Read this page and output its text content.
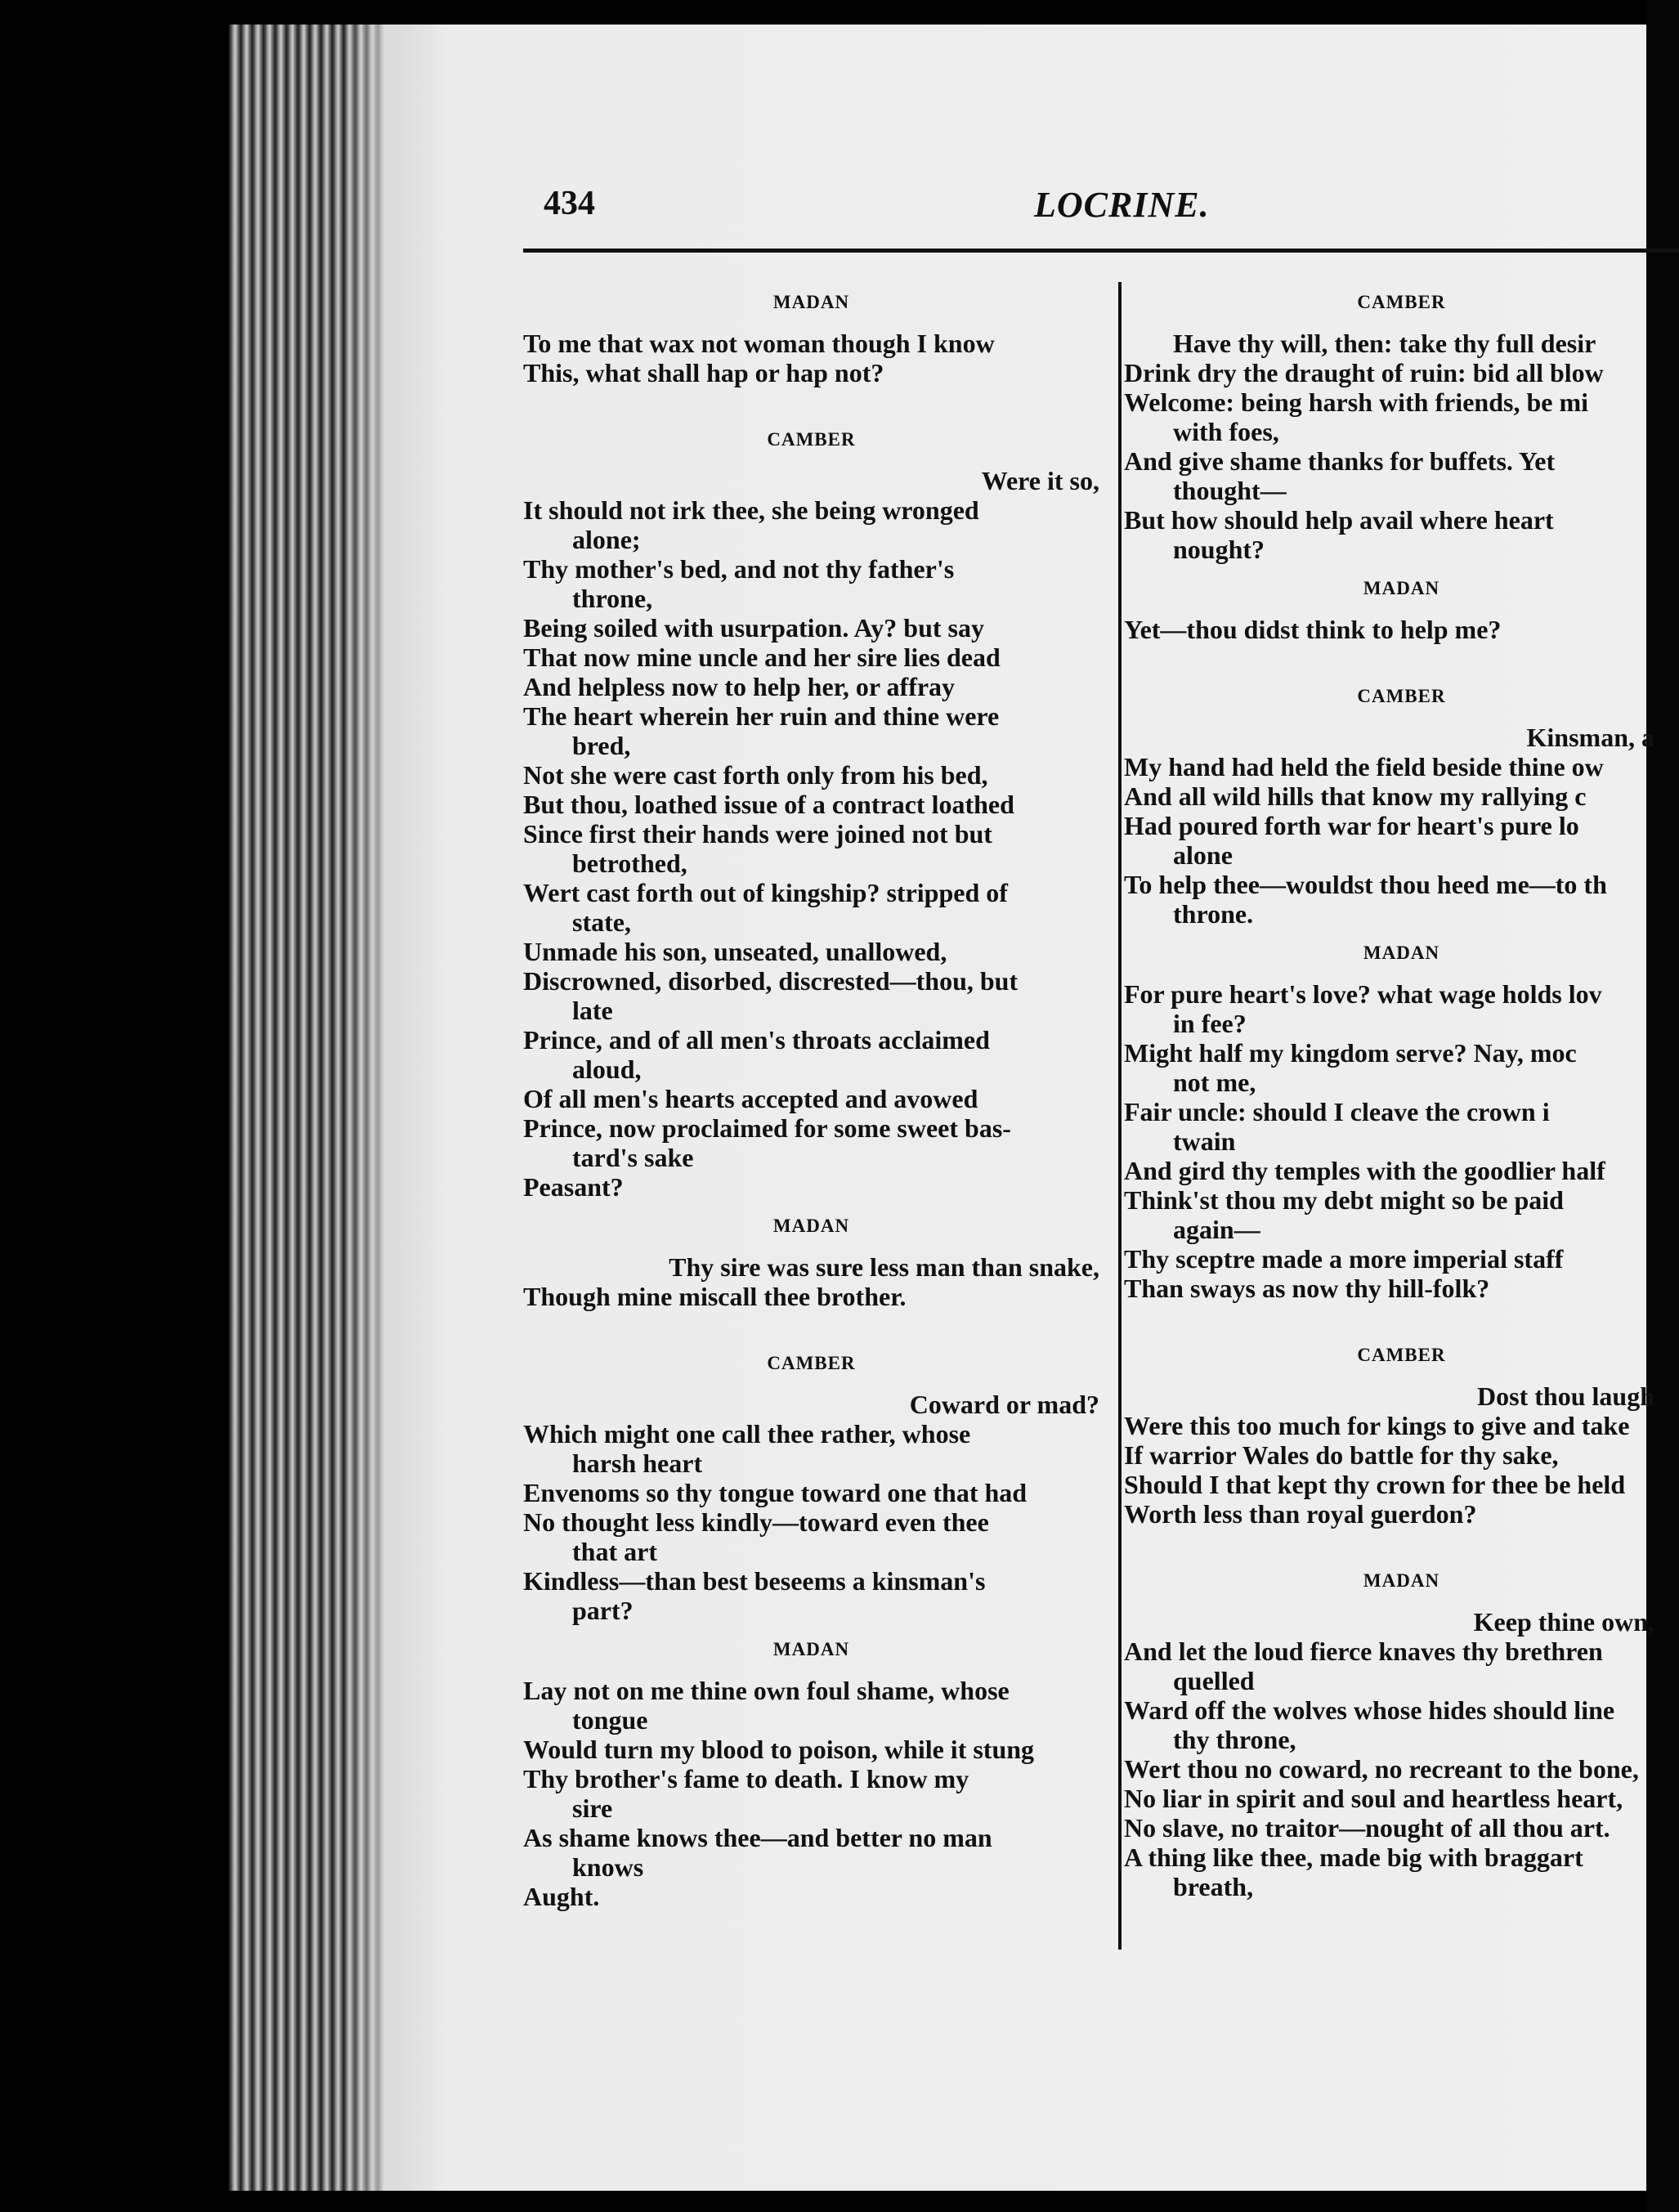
434	LOCRINE.
MADAN
To me that wax not woman though I know
This, what shall hap or hap not?
CAMBER
Were it so,
It should not irk thee, she being wronged
alone;
Thy mother's bed, and not thy father's
throne,
Being soiled with usurpation. Ay? but say
That now mine uncle and her sire lies dead
And helpless now to help her, or affray
The heart wherein her ruin and thine were
bred,
Not she were cast forth only from his bed,
But thou, loathed issue of a contract loathed
Since first their hands were joined not but
betrothed,
Wert cast forth out of kingship? stripped of
state,
Unmade his son, unseated, unallowed,
Discrowned, disorbed, discrested—thou, but
late
Prince, and of all men's throats acclaimed
aloud,
Of all men's hearts accepted and avowed
Prince, now proclaimed for some sweet bas-
tard's sake
Peasant?
MADAN
Thy sire was sure less man than snake,
Though mine miscall thee brother.
CAMBER
Coward or mad?
Which might one call thee rather, whose
harsh heart
Envenoms so thy tongue toward one that had
No thought less kindly—toward even thee
that art
Kindless—than best beseems a kinsman's
part?
MADAN
Lay not on me thine own foul shame, whose
tongue
Would turn my blood to poison, while it stung
Thy brother's fame to death. I know my
sire
As shame knows thee—and better no man
knows
Aught.
CAMBER
Have thy will, then: take thy full desir
Drink dry the draught of ruin: bid all blow
Welcome: being harsh with friends, be mi
with foes,
And give shame thanks for buffets. Yet
thought—
But how should help avail where heart
nought?
MADAN
Yet—thou didst think to help me?
CAMBER
Kinsman, a
My hand had held the field beside thine ow
And all wild hills that know my rallying c
Had poured forth war for heart's pure lo
alone
To help thee—wouldst thou heed me—to th
throne.
MADAN
For pure heart's love? what wage holds lov
in fee?
Might half my kingdom serve? Nay, moc
not me,
Fair uncle: should I cleave the crown i
twain
And gird thy temples with the goodlier half
Think'st thou my debt might so be paid
again—
Thy sceptre made a more imperial staff
Than sways as now thy hill-folk?
CAMBER
Dost thou laugh
Were this too much for kings to give and take
If warrior Wales do battle for thy sake,
Should I that kept thy crown for thee be held
Worth less than royal guerdon?
MADAN
Keep thine own,
And let the loud fierce knaves thy brethren
quelled
Ward off the wolves whose hides should line
thy throne,
Wert thou no coward, no recreant to the bone,
No liar in spirit and soul and heartless heart,
No slave, no traitor—nought of all thou art.
A thing like thee, made big with braggart
breath,
